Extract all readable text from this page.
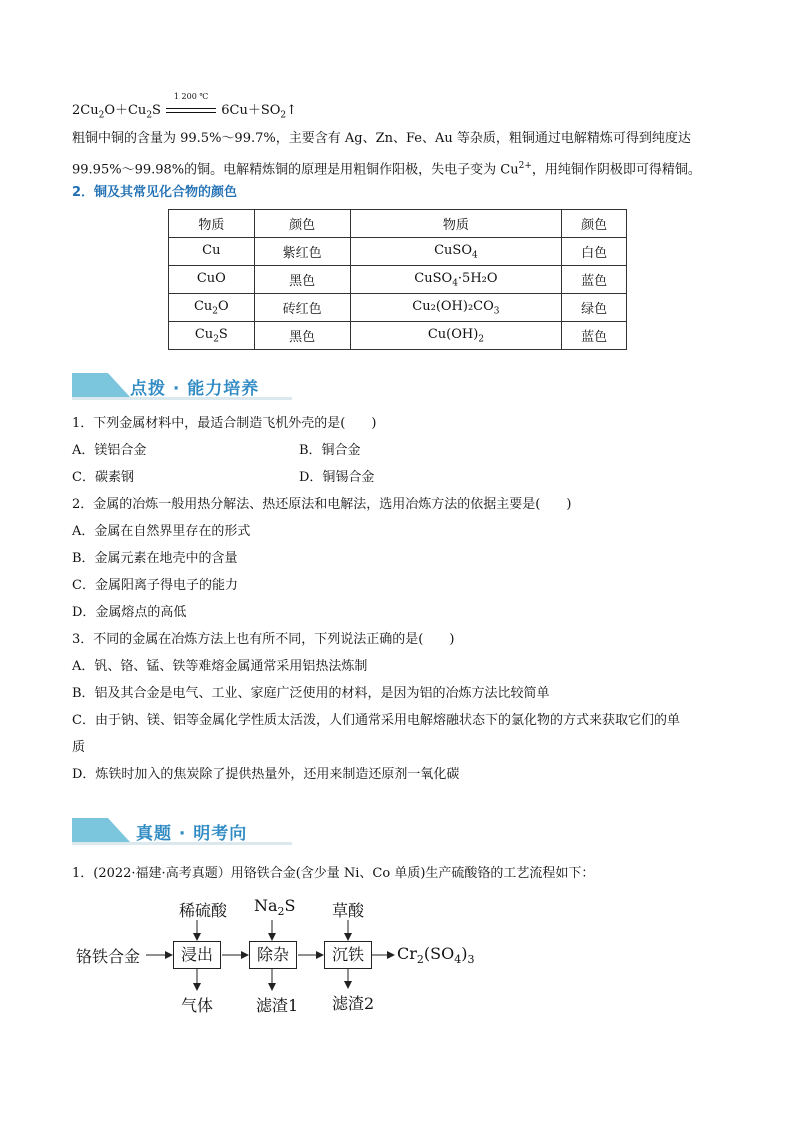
$2Cu_2O+Cu_2S$
1 200 ℃
$6Cu+SO_2↑$
粗铜中铜的含量为 99.5%～99.7%，主要含有 Ag、Zn、Fe、Au 等杂质，粗铜通过电解精炼可得到纯度达
99.95%～99.98%的铜。电解精炼铜的原理是用粗铜作阳极，失电子变为 $Cu^{2+}$，用纯铜作阴极即可得精铜。
2．铜及其常见化合物的颜色
物质	颜色	物质	颜色
Cu	紫红色	CuSO$_4$	白色
CuO	黑色	CuSO$_4$·5H₂O	蓝色
$Cu_2O$	砖红色	$Cu_2(OH)_2CO_3$	绿色
$Cu_2S$	黑色	$Cu(OH)_2$	蓝色
点拨 · 能力培养
1．下列金属材料中，最适合制造飞机外壳的是(　　)
A．镁铝合金	B．铜合金
C．碳素钢	D．铜锡合金
2．金属的冶炼一般用热分解法、热还原法和电解法，选用冶炼方法的依据主要是(　　)
A．金属在自然界里存在的形式
B．金属元素在地壳中的含量
C．金属阳离子得电子的能力
D．金属熔点的高低
3．不同的金属在冶炼方法上也有所不同，下列说法正确的是(　　)
A．钒、铬、锰、铁等难熔金属通常采用铝热法炼制
B．铝及其合金是电气、工业、家庭广泛使用的材料，是因为铝的冶炼方法比较简单
C．由于钠、镁、铝等金属化学性质太活泼，人们通常采用电解熔融状态下的氯化物的方式来获取它们的单
质
D．炼铁时加入的焦炭除了提供热量外，还用来制造还原剂一氧化碳
真题 · 明考向
1．(2022·福建·高考真题）用铬铁合金(含少量 Ni、Co 单质)生产硫酸铬的工艺流程如下：
铬铁合金	浸出	除杂	沉铁
稀硫酸 $Na_2S$ 草酸
气体	滤渣1 滤渣2
$Cr_2(SO_4)_3$
